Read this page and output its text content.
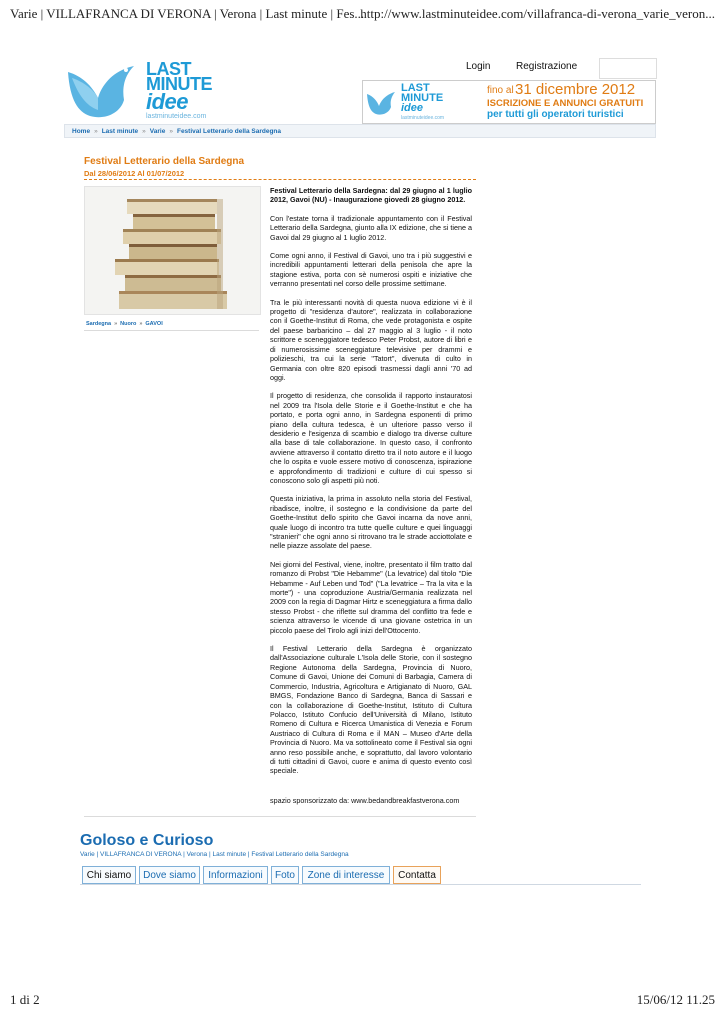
Varie | VILLAFRANCA DI VERONA | Verona | Last minute | Fes...
http://www.lastminuteidee.com/villafranca-di-verona_varie_veron...
1 di 2	15/06/12 11.25
LAST
MINUTE
idee
lastminuteidee.com
Login	Registrazione
LAST
MINUTE
idee
lastminuteidee.com
fino al 31 dicembre 2012
ISCRIZIONE E ANNUNCI GRATUITI
per tutti gli operatori turistici
Home » Last minute » Varie » Festival Letterario della Sardegna
Festival Letterario della Sardegna
Dal 28/06/2012 Al 01/07/2012
Sardegna » Nuoro » GAVOI

Festival Letterario della Sardegna: dal 29 giugno al 1 luglio 2012, Gavoi (NU) - Inaugurazione giovedì 28 giugno 2012.

Con l'estate torna il tradizionale appuntamento con il Festival Letterario della Sardegna, giunto alla IX edizione, che si tiene a Gavoi dal 29 giugno al 1 luglio 2012.

Come ogni anno, il Festival di Gavoi, uno tra i più suggestivi e incredibili appuntamenti letterari della penisola che apre la stagione estiva, porta con sè numerosi ospiti e iniziative che verranno presentati nel corso delle prossime settimane.

Tra le più interessanti novità di questa nuova edizione vi è il progetto di "residenza d'autore", realizzata in collaborazione con il Goethe-Institut di Roma, che vede protagonista e ospite del paese barbaricino – dal 27 maggio al 3 luglio - il noto scrittore e sceneggiatore tedesco Peter Probst, autore di libri e di numerosissime sceneggiature televisive per drammi e polizieschi, tra cui la serie "Tatort", divenuta di culto in Germania con oltre 820 episodi trasmessi dagli anni '70 ad oggi.

Il progetto di residenza, che consolida il rapporto instauratosi nel 2009 tra l'Isola delle Storie e il Goethe-Institut e che ha portato, e porta ogni anno, in Sardegna esponenti di primo piano della cultura tedesca, è un ulteriore passo verso il desiderio e l'esigenza di scambio e dialogo tra diverse culture alla base di tale collaborazione. In questo caso, il confronto avviene attraverso il contatto diretto tra il noto autore e il luogo che lo ospita e vuole essere motivo di conoscenza, ispirazione e approfondimento di tradizioni e culture di cui spesso si conoscono solo gli aspetti più noti.

Questa iniziativa, la prima in assoluto nella storia del Festival, ribadisce, inoltre, il sostegno e la condivisione da parte del Goethe-Institut dello spirito che Gavoi incarna da nove anni, quale luogo di incontro tra tutte quelle culture e quei linguaggi "stranieri" che ogni anno si ritrovano tra le strade acciottolate e nelle piazze assolate del paese.

Nei giorni del Festival, viene, inoltre, presentato il film tratto dal romanzo di Probst "Die Hebamme" (La levatrice) dal titolo "Die Hebamme - Auf Leben und Tod" ("La levatrice – Tra la vita e la morte") - una coproduzione Austria/Germania realizzata nel 2009 con la regia di Dagmar Hirtz e sceneggiatura a firma dallo stesso Probst - che riflette sul dramma del conflitto tra fede e scienza attraverso le vicende di una giovane ostetrica in un piccolo paese del Tirolo agli inizi dell'Ottocento.

Il Festival Letterario della Sardegna è organizzato dall'Associazione culturale L'Isola delle Storie, con il sostegno Regione Autonoma della Sardegna, Provincia di Nuoro, Comune di Gavoi, Unione dei Comuni di Barbagia, Camera di Commercio, Industria, Agricoltura e Artigianato di Nuoro, GAL BMGS, Fondazione Banco di Sardegna, Banca di Sassari e con la collaborazione di Goethe-Institut, Istituto di Cultura Polacco, Istituto Confucio dell'Università di Milano, Istituto Romeno di Cultura e Ricerca Umanistica di Venezia e Forum Austriaco di Cultura di Roma e il MAN – Museo d'Arte della Provincia di Nuoro. Ma va sottolineato come il Festival sia ogni anno reso possibile anche, e soprattutto, dal lavoro volontario di tutti cittadini di Gavoi, cuore e anima di questo evento così speciale.

spazio sponsorizzato da: www.bedandbreakfastverona.com
Goloso e Curioso
Varie | VILLAFRANCA DI VERONA | Verona | Last minute | Festival Letterario della Sardegna
Chi siamo	Dove siamo	Informazioni	Foto	Zone di interesse	Contatta
